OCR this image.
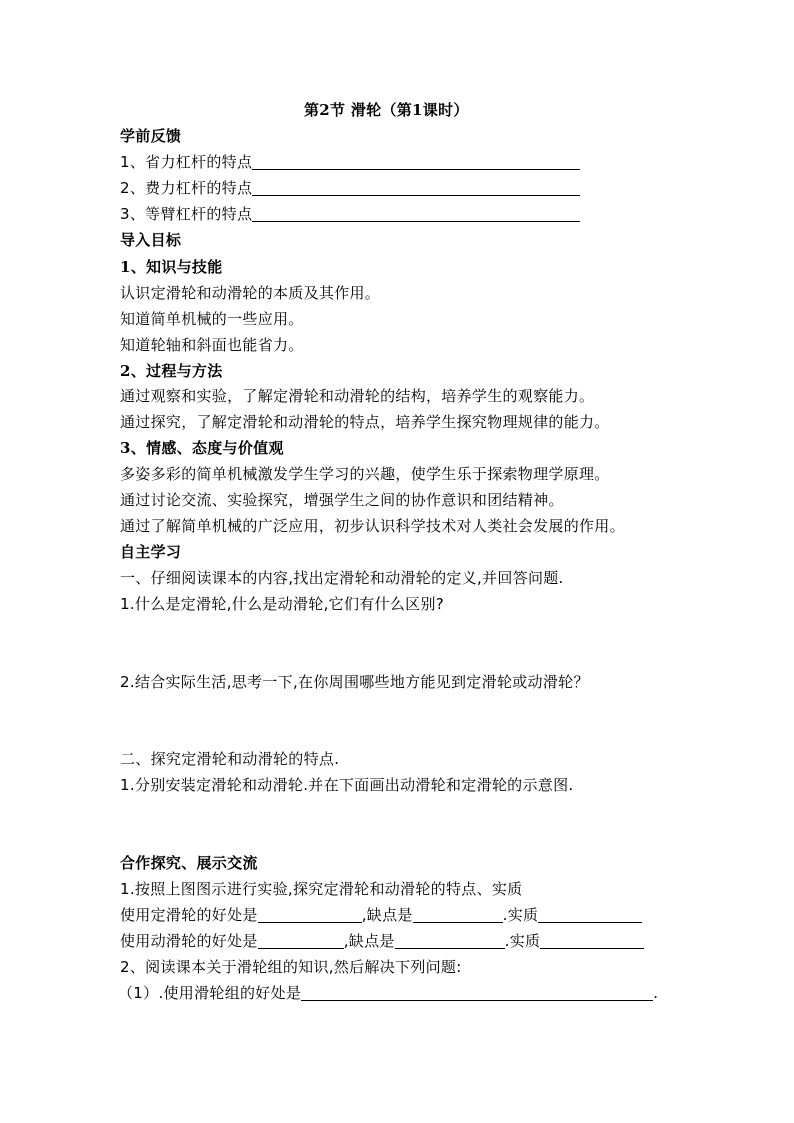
第2节 滑轮（第1课时）
学前反馈
1、省力杠杆的特点
2、费力杠杆的特点
3、等臂杠杆的特点
导入目标
1、知识与技能
认识定滑轮和动滑轮的本质及其作用。
知道简单机械的一些应用。
知道轮轴和斜面也能省力。
2、过程与方法
通过观察和实验，了解定滑轮和动滑轮的结构，培养学生的观察能力。
通过探究，了解定滑轮和动滑轮的特点，培养学生探究物理规律的能力。
3、情感、态度与价值观
多姿多彩的简单机械激发学生学习的兴趣，使学生乐于探索物理学原理。
通过讨论交流、实验探究，增强学生之间的协作意识和团结精神。
通过了解简单机械的广泛应用，初步认识科学技术对人类社会发展的作用。
自主学习
一、仔细阅读课本的内容,找出定滑轮和动滑轮的定义,并回答问题.
1.什么是定滑轮,什么是动滑轮,它们有什么区别?
2.结合实际生活,思考一下,在你周围哪些地方能见到定滑轮或动滑轮？
二、探究定滑轮和动滑轮的特点.
1.分别安装定滑轮和动滑轮.并在下面画出动滑轮和定滑轮的示意图.
合作探究、展示交流
1.按照上图图示进行实验,探究定滑轮和动滑轮的特点、实质
使用定滑轮的好处是	,缺点是	.实质
使用动滑轮的好处是	,缺点是	.实质
2、阅读课本关于滑轮组的知识,然后解决下列问题:
（1）.使用滑轮组的好处是	.
